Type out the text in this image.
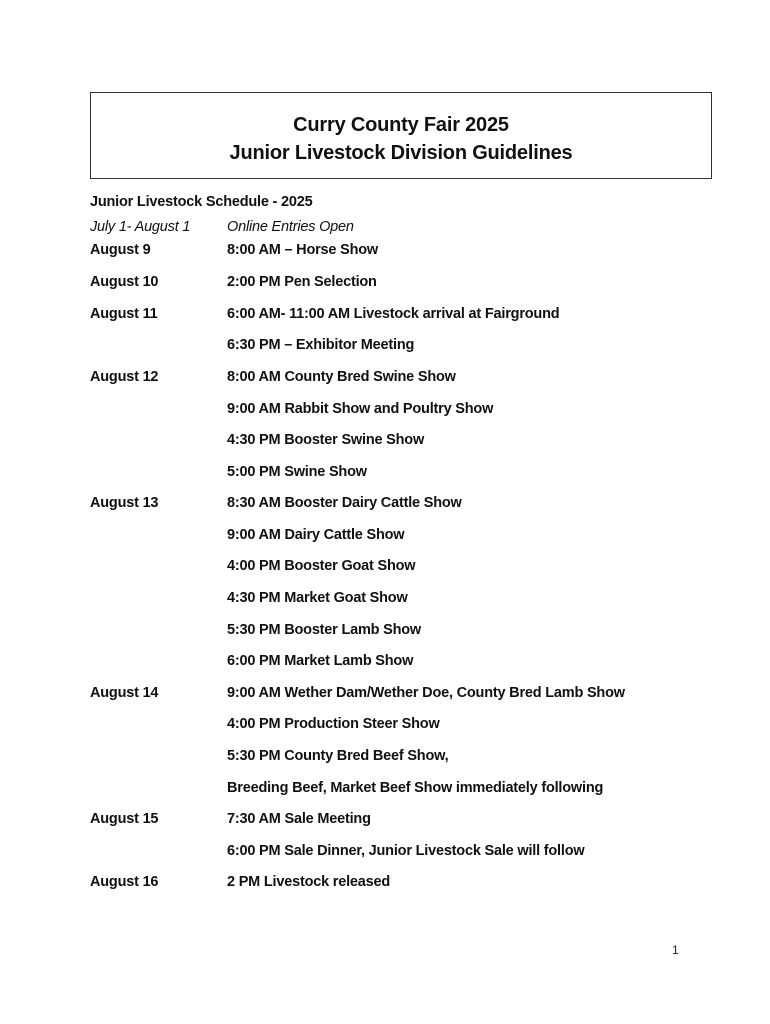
Curry County Fair 2025
Junior Livestock Division Guidelines
Junior Livestock Schedule - 2025
July 1- August 1	Online Entries Open
August 9	8:00 AM – Horse Show
August 10	2:00 PM Pen Selection
August 11	6:00 AM- 11:00 AM Livestock arrival at Fairground
6:30 PM – Exhibitor Meeting
August 12	8:00 AM County Bred Swine Show
9:00 AM Rabbit Show and Poultry Show
4:30 PM Booster Swine Show
5:00 PM Swine Show
August 13	8:30 AM Booster Dairy Cattle Show
9:00 AM Dairy Cattle Show
4:00 PM Booster Goat Show
4:30 PM Market Goat Show
5:30 PM Booster Lamb Show
6:00 PM Market Lamb Show
August 14	9:00 AM Wether Dam/Wether Doe, County Bred Lamb Show
4:00 PM Production Steer Show
5:30 PM County Bred Beef Show,
Breeding Beef, Market Beef Show immediately following
August 15	7:30 AM Sale Meeting
6:00 PM Sale Dinner, Junior Livestock Sale will follow
August 16	2 PM Livestock released
1
